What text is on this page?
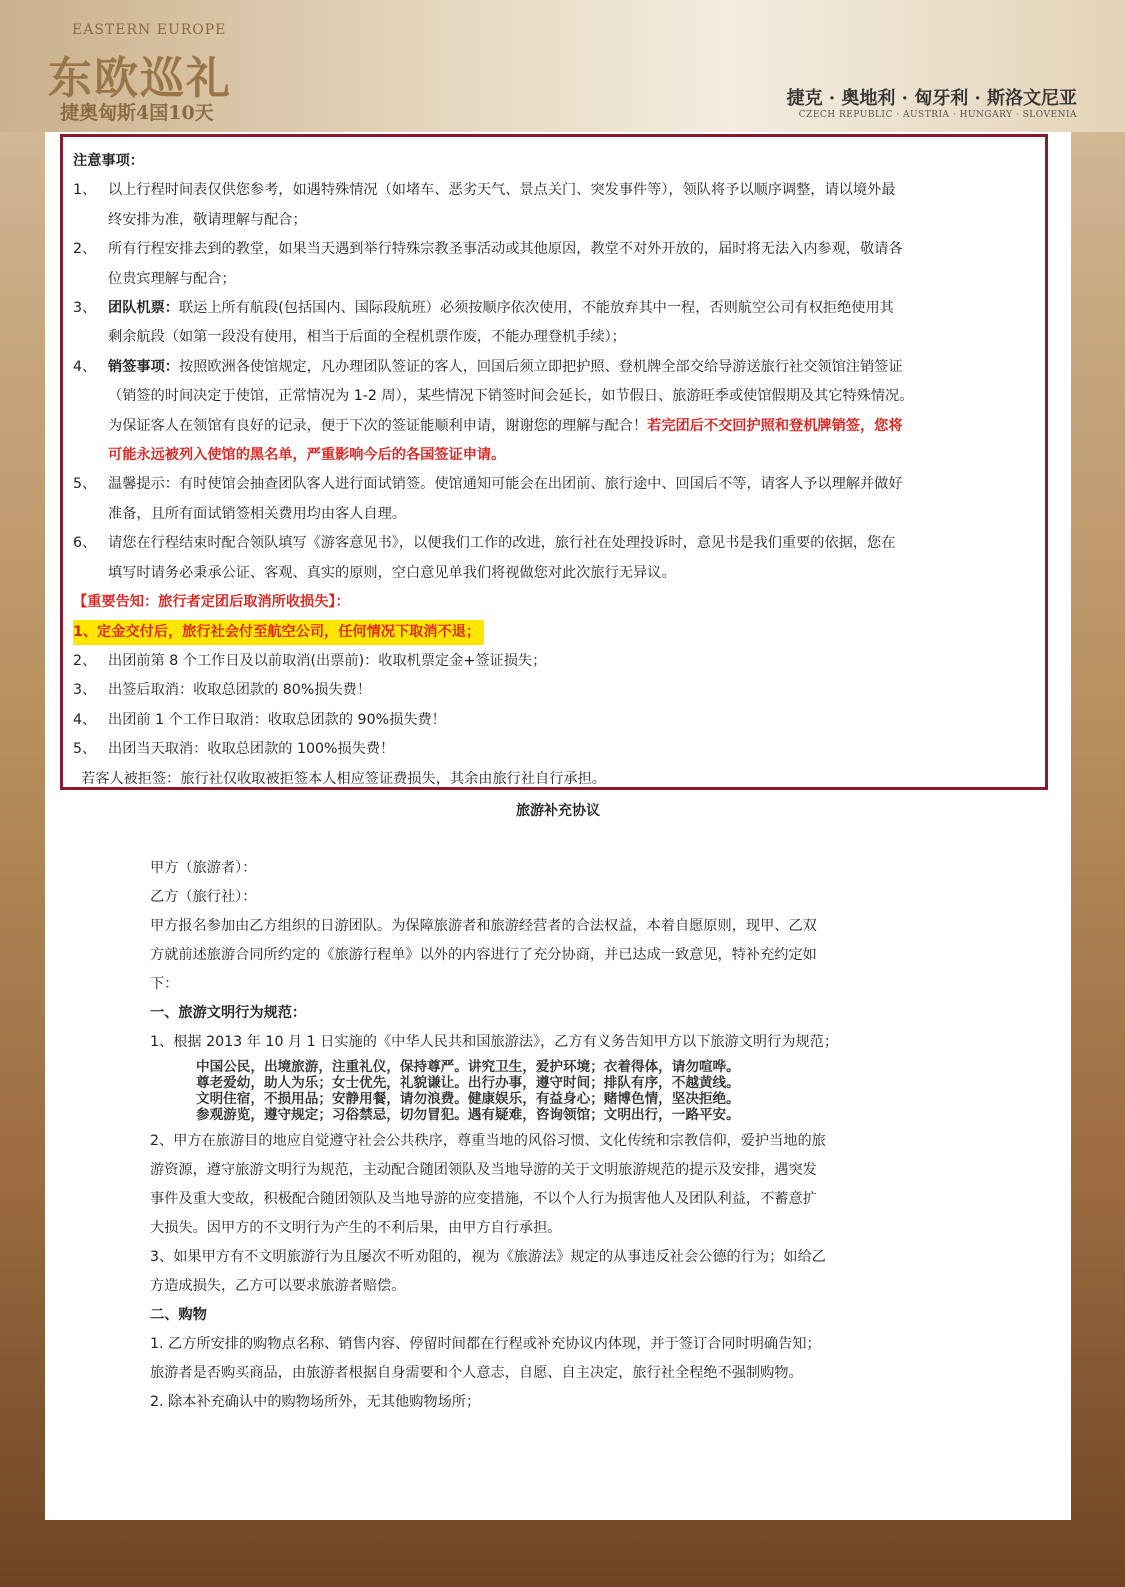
EASTERN EUROPE
东欧巡礼
捷奥匈斯4国10天
捷克 · 奥地利 · 匈牙利 · 斯洛文尼亚
CZECH REPUBLIC · AUSTRIA · HUNGARY · SLOVENIA
注意事项：
1、 以上行程时间表仅供您参考，如遇特殊情况（如堵车、恶劣天气、景点关门、突发事件等），领队将予以顺序调整，请以境外最
终安排为准，敬请理解与配合；
2、 所有行程安排去到的教堂，如果当天遇到举行特殊宗教圣事活动或其他原因，教堂不对外开放的，届时将无法入内参观，敬请各
位贵宾理解与配合；
3、 团队机票：联运上所有航段(包括国内、国际段航班）必须按顺序依次使用，不能放弃其中一程，否则航空公司有权拒绝使用其
剩余航段（如第一段没有使用，相当于后面的全程机票作废，不能办理登机手续）；
4、 销签事项：按照欧洲各使馆规定，凡办理团队签证的客人，回国后须立即把护照、登机牌全部交给导游送旅行社交领馆注销签证
（销签的时间决定于使馆，正常情况为 1-2 周），某些情况下销签时间会延长，如节假日、旅游旺季或使馆假期及其它特殊情况。
为保证客人在领馆有良好的记录，便于下次的签证能顺利申请，谢谢您的理解与配合！若完团后不交回护照和登机牌销签，您将
可能永远被列入使馆的黑名单，严重影响今后的各国签证申请。
5、 温馨提示：有时使馆会抽查团队客人进行面试销签。使馆通知可能会在出团前、旅行途中、回国后不等，请客人予以理解并做好
准备，且所有面试销签相关费用均由客人自理。
6、 请您在行程结束时配合领队填写《游客意见书》，以便我们工作的改进，旅行社在处理投诉时，意见书是我们重要的依据，您在
填写时请务必秉承公证、客观、真实的原则，空白意见单我们将视做您对此次旅行无异议。
【重要告知：旅行者定团后取消所收损失】：
1、定金交付后，旅行社会付至航空公司，任何情况下取消不退；
2、 出团前第 8 个工作日及以前取消(出票前)：收取机票定金+签证损失；
3、 出签后取消：收取总团款的 80%损失费！
4、 出团前 1 个工作日取消：收取总团款的 90%损失费！
5、 出团当天取消：收取总团款的 100%损失费！
若客人被拒签：旅行社仅收取被拒签本人相应签证费损失，其余由旅行社自行承担。
旅游补充协议
甲方（旅游者）：
乙方（旅行社）：
甲方报名参加由乙方组织的日游团队。为保障旅游者和旅游经营者的合法权益，本着自愿原则，现甲、乙双
方就前述旅游合同所约定的《旅游行程单》以外的内容进行了充分协商，并已达成一致意见，特补充约定如
下：
一、旅游文明行为规范：
1、根据 2013 年 10 月 1 日实施的《中华人民共和国旅游法》，乙方有义务告知甲方以下旅游文明行为规范；
中国公民，出境旅游，注重礼仪，保持尊严。讲究卫生，爱护环境；衣着得体，请勿喧哗。
尊老爱幼，助人为乐；女士优先，礼貌谦让。出行办事，遵守时间；排队有序，不越黄线。
文明住宿，不损用品；安静用餐，请勿浪费。健康娱乐，有益身心；赌博色情，坚决拒绝。
参观游览，遵守规定；习俗禁忌，切勿冒犯。遇有疑难，咨询领馆；文明出行，一路平安。
2、甲方在旅游目的地应自觉遵守社会公共秩序，尊重当地的风俗习惯、文化传统和宗教信仰，爱护当地的旅
游资源，遵守旅游文明行为规范，主动配合随团领队及当地导游的关于文明旅游规范的提示及安排，遇突发
事件及重大变故，积极配合随团领队及当地导游的应变措施，不以个人行为损害他人及团队利益，不蓄意扩
大损失。因甲方的不文明行为产生的不利后果，由甲方自行承担。
3、如果甲方有不文明旅游行为且屡次不听劝阻的，视为《旅游法》规定的从事违反社会公德的行为；如给乙
方造成损失，乙方可以要求旅游者赔偿。
二、购物
1. 乙方所安排的购物点名称、销售内容、停留时间都在行程或补充协议内体现，并于签订合同时明确告知；
旅游者是否购买商品，由旅游者根据自身需要和个人意志，自愿、自主决定，旅行社全程绝不强制购物。
2. 除本补充确认中的购物场所外，无其他购物场所；
